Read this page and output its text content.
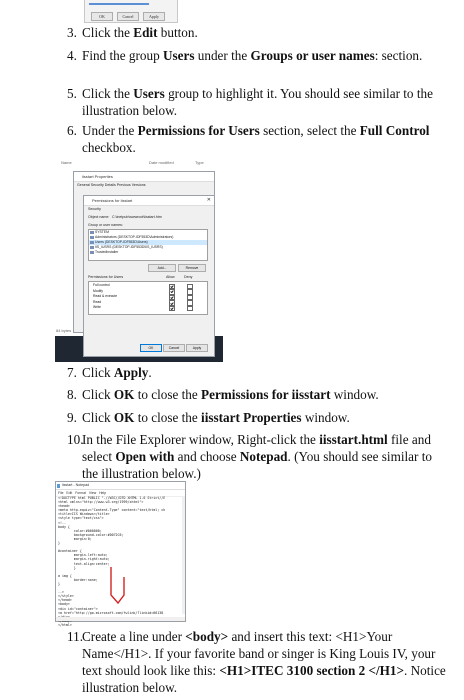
OK	Cancel	Apply
3. Click the Edit button.
4. Find the group Users under the Groups or user names: section.
5. Click the Users group to highlight it. You should see similar to the illustration below.
6. Under the Permissions for Users section, select the Full Control checkbox.
Name	Date modified	Type
84 bytes
iisstart Properties
General Security Details Previous Versions
Permissions for iisstart	✕
Security
Object name: C:\inetpub\wwwroot\iisstart.htm
Group or user names:
SYSTEM
Administrators (DESKTOP-IDF553D\Administrators)
Users (DESKTOP-IDF553D\Users)
IIS_IUSRS (DESKTOP-IDF553D\IIS_IUSRS)
TrustedInstaller
Add...	Remove
Permissions for Users	Allow	Deny
Full control
Modify
Read & execute
Read
Write
OK	Cancel	Apply
7. Click Apply.
8. Click OK to close the Permissions for iisstart window.
9. Click OK to close the iisstart Properties window.
10.
In the File Explorer window, Right-click the iisstart.html file and select Open with and choose Notepad. (You should see similar to the illustration below.)
iisstart - Notepad
File Edit Format View Help
<!DOCTYPE html PUBLIC "-//W3C//DTD XHTML 1.0 Strict//E
<html xmlns="http://www.w3.org/1999/xhtml">
<head>
<meta http-equiv="Content-Type" content="text/html; ch
<title>IIS Windows</title>
<style type="text/css">
<!--
body {
color:#000000;
background-color:#0072C6;
margin:0;
}

#container {
margin-left:auto;
margin-right:auto;
text-align:center;
}

a img {
border:none;
}

-->
</style>
</head>
<body>
<div id="container">
<a href="http://go.microsoft.com/fwlink/?linkid=66138

</html>
11. Create a line under <body> and insert this text: <H1>Your Name</H1>. If your favorite band or singer is King Louis IV, your text should look like this: <H1>ITEC 3100 section 2 </H1>. Notice illustration below.
